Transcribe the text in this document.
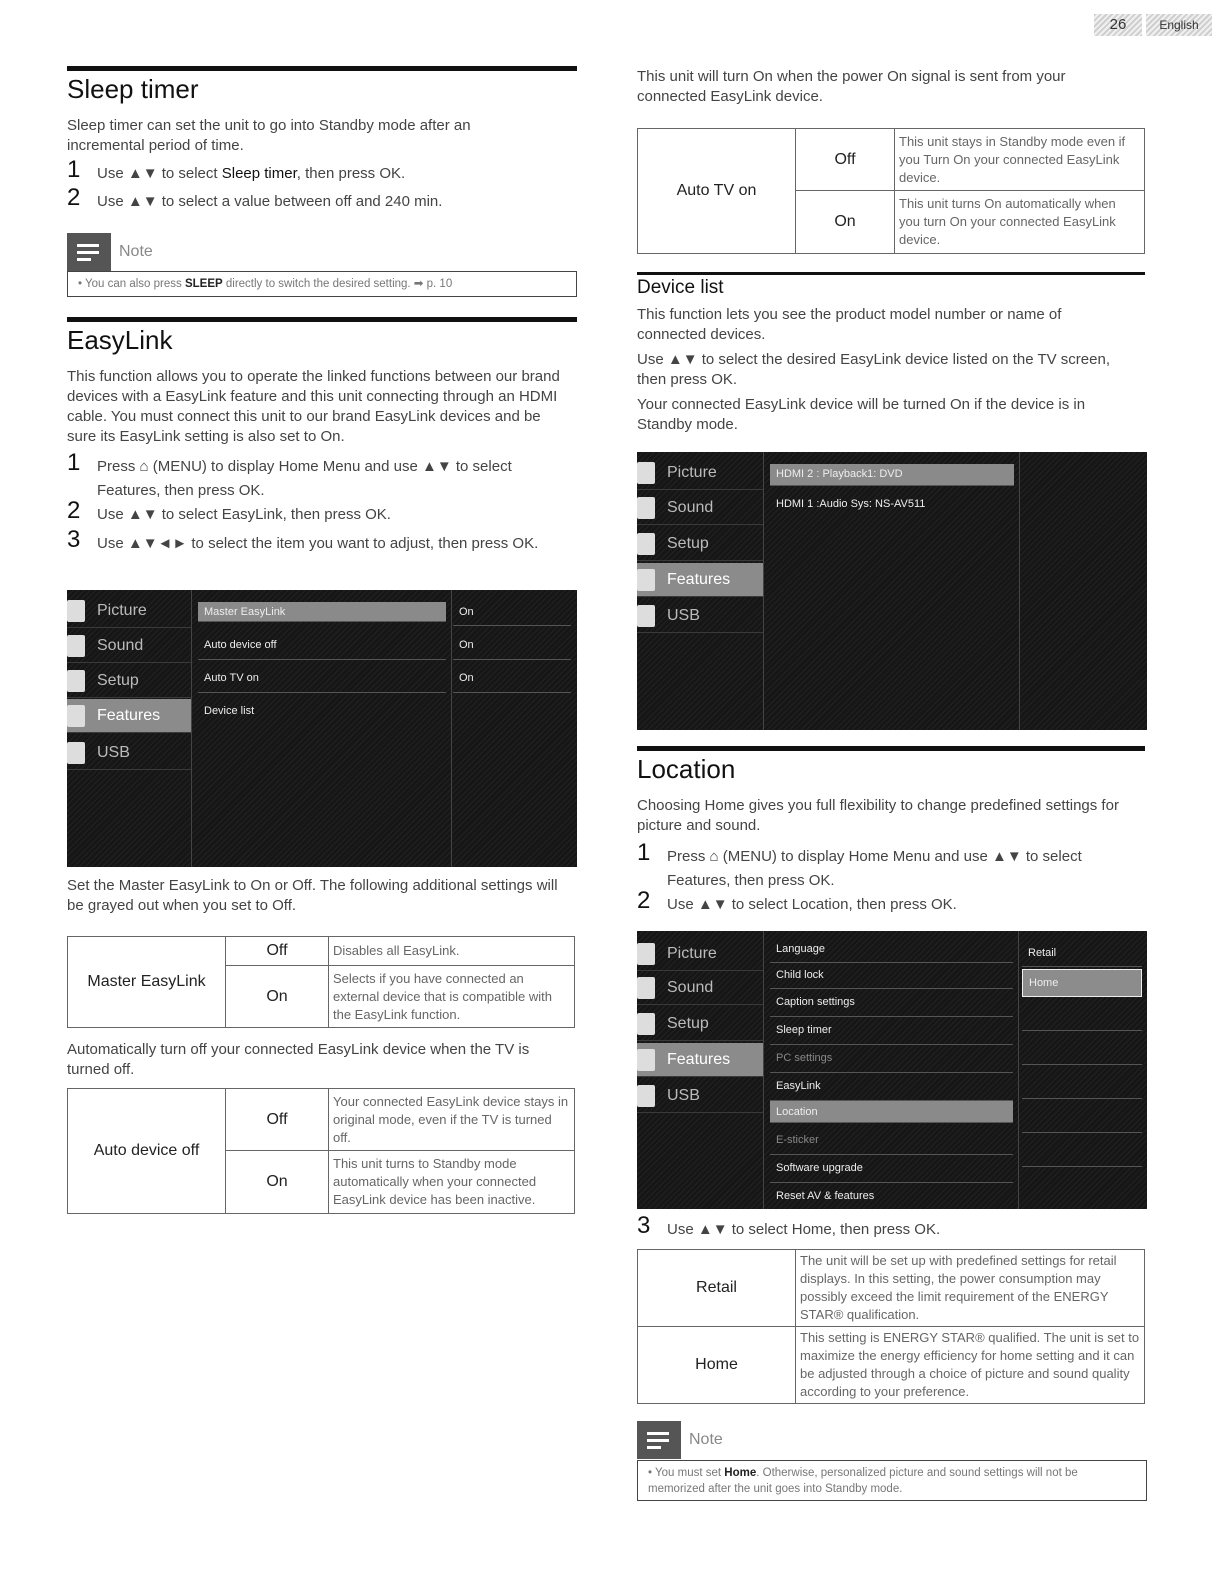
26	English
Sleep timer

Sleep timer can set the unit to go into Standby mode after an incremental period of time.

1 Use ▲▼ to select Sleep timer, then press OK.
2 Use ▲▼ to select a value between off and 240 min.
Note
• You can also press SLEEP directly to switch the desired setting. ➡ p. 10
EasyLink

This function allows you to operate the linked functions between our brand devices with a EasyLink feature and this unit connecting through an HDMI cable. You must connect this unit to our brand EasyLink devices and be sure its EasyLink setting is also set to On.

1 Press ⌂ (MENU) to display Home Menu and use ▲▼ to select Features, then press OK.
2 Use ▲▼ to select EasyLink, then press OK.
3 Use ▲▼◄► to select the item you want to adjust, then press OK.
Picture
Sound
Setup
Features
USB
Master EasyLink
Auto device off
Auto TV on
Device list
On
On
On

Set the Master EasyLink to On or Off. The following additional settings will be grayed out when you set to Off.

Master EasyLink	Off	Disables all EasyLink.
	On	Selects if you have connected an external device that is compatible with the EasyLink function.

Automatically turn off your connected EasyLink device when the TV is turned off.

Auto device off	Off	Your connected EasyLink device stays in original mode, even if the TV is turned off.
	On	This unit turns to Standby mode automatically when your connected EasyLink device has been inactive.

This unit will turn On when the power On signal is sent from your connected EasyLink device.

Auto TV on	Off	This unit stays in Standby mode even if you Turn On your connected EasyLink device.
	On	This unit turns On automatically when you turn On your connected EasyLink device.
Device list

This function lets you see the product model number or name of connected devices.

Use ▲▼ to select the desired EasyLink device listed on the TV screen, then press OK.

Your connected EasyLink device will be turned On if the device is in Standby mode.

Picture
Sound
Setup
Features
USB
HDMI 2 : Playback1: DVD
HDMI 1 :Audio Sys: NS-AV511
Location

Choosing Home gives you full flexibility to change predefined settings for picture and sound.

1 Press ⌂ (MENU) to display Home Menu and use ▲▼ to select Features, then press OK.
2 Use ▲▼ to select Location, then press OK.
Picture
Sound
Setup
Features
USB
Language
Child lock
Caption settings
Sleep timer
PC settings
EasyLink
Location
E-sticker
Software upgrade
Reset AV & features
Retail
Home
3 Use ▲▼ to select Home, then press OK.
Retail	The unit will be set up with predefined settings for retail displays. In this setting, the power consumption may possibly exceed the limit requirement of the ENERGY STAR® qualification.
Home	This setting is ENERGY STAR® qualified. The unit is set to maximize the energy efficiency for home setting and it can be adjusted through a choice of picture and sound quality according to your preference.
Note
• You must set Home. Otherwise, personalized picture and sound settings will not be memorized after the unit goes into Standby mode.
